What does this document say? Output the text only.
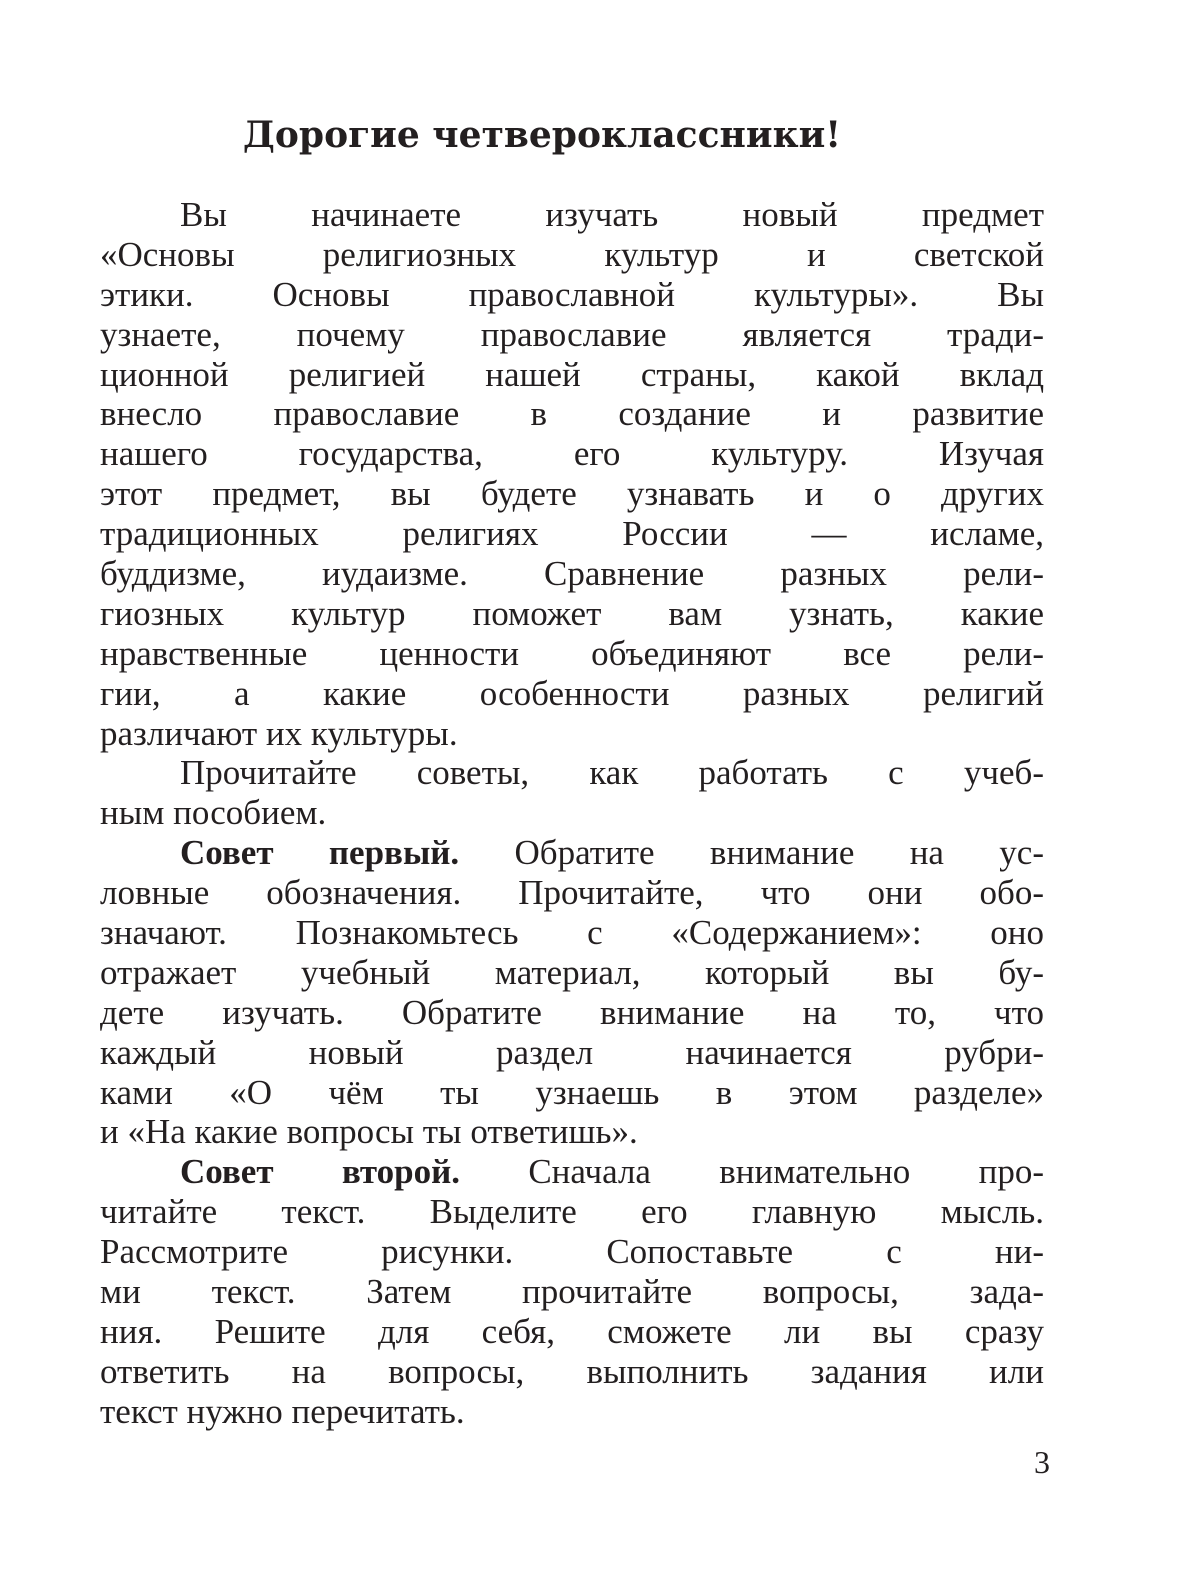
Дорогие четвероклассники!
Вы начинаете изучать новый предмет
«Основы религиозных культур и светской
этики. Основы православной культуры». Вы
узнаете, почему православие является тради-
ционной религией нашей страны, какой вклад
внесло православие в создание и развитие
нашего государства, его культуру. Изучая
этот предмет, вы будете узнавать и о других
традиционных религиях России — исламе,
буддизме, иудаизме. Сравнение разных рели-
гиозных культур поможет вам узнать, какие
нравственные ценности объединяют все рели-
гии, а какие особенности разных религий
различают их культуры.
Прочитайте советы, как работать с учеб-
ным пособием.
Совет первый. Обратите внимание на ус-
ловные обозначения. Прочитайте, что они обо-
значают. Познакомьтесь с «Содержанием»: оно
отражает учебный материал, который вы бу-
дете изучать. Обратите внимание на то, что
каждый новый раздел начинается рубри-
ками «О чём ты узнаешь в этом разделе»
и «На какие вопросы ты ответишь».
Совет второй. Сначала внимательно про-
читайте текст. Выделите его главную мысль.
Рассмотрите рисунки. Сопоставьте с ни-
ми текст. Затем прочитайте вопросы, зада-
ния. Решите для себя, сможете ли вы сразу
ответить на вопросы, выполнить задания или
текст нужно перечитать.
3
